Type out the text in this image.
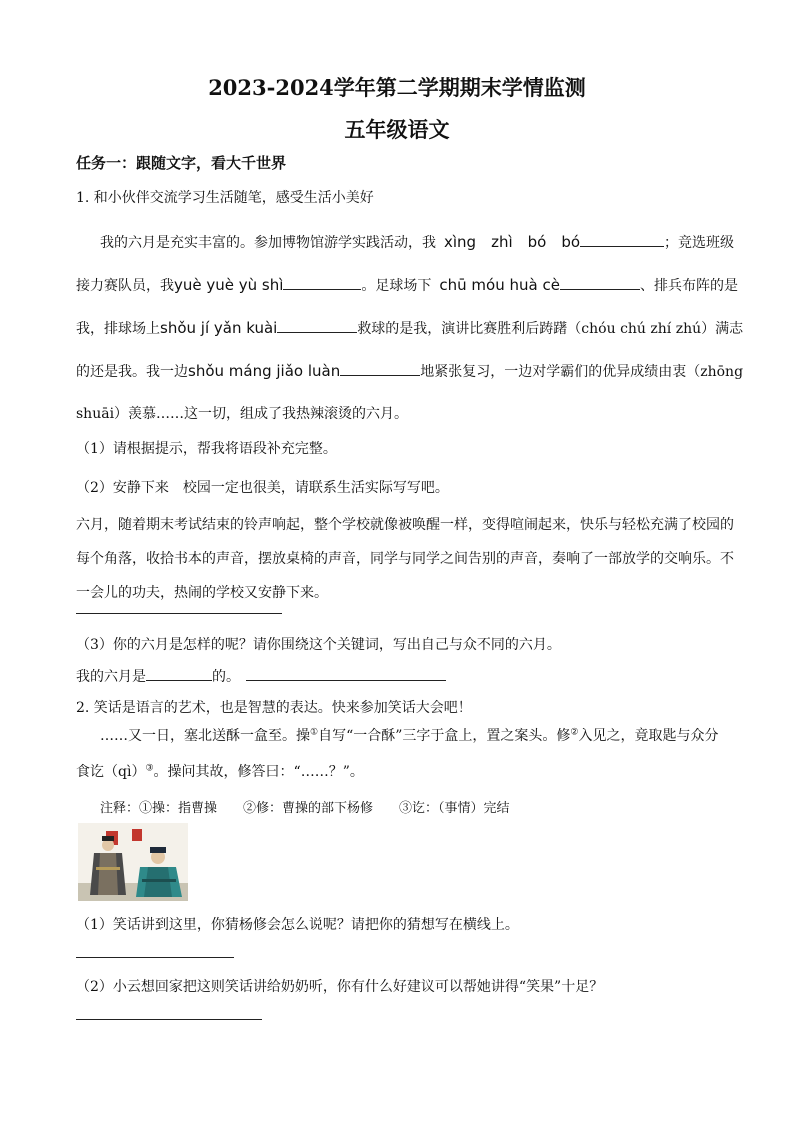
2023-2024学年第二学期期末学情监测
五年级语文
任务一：跟随文字，看大千世界
1. 和小伙伴交流学习生活随笔，感受生活小美好
我的六月是充实丰富的。参加博物馆游学实践活动，我 xìng　zhì　bó　bó	；竞选班级
接力赛队员，我yuè yuè yù shì	。足球场下 chū móu huà cè	、排兵布阵的是
我，排球场上shǒu jí yǎn kuài	救球的是我，演讲比赛胜利后踌躇（chóu chú zhí zhú）满志
的还是我。我一边shǒu máng jiǎo luàn	地紧张复习，一边对学霸们的优异成绩由衷（zhōng
shuāi）羡慕……这一切，组成了我热辣滚烫的六月。
（1）请根据提示，帮我将语段补充完整。
（2）安静下来　校园一定也很美，请联系生活实际写写吧。
六月，随着期末考试结束的铃声响起，整个学校就像被唤醒一样，变得喧闹起来，快乐与轻松充满了校园的
每个角落，收拾书本的声音，摆放桌椅的声音，同学与同学之间告别的声音，奏响了一部放学的交响乐。不
一会儿的功夫，热闹的学校又安静下来。
（3）你的六月是怎样的呢？请你围绕这个关键词，写出自己与众不同的六月。
我的六月是	的。
2. 笑话是语言的艺术，也是智慧的表达。快来参加笑话大会吧！
……又一日，塞北送酥一盒至。操①自写“一合酥”三字于盒上，置之案头。修②入见之，竟取匙与众分
食讫（qì）③。操问其故，修答曰：“……？”。
注释：①操：指曹操　　②修：曹操的部下杨修　　③讫：（事情）完结
（1）笑话讲到这里，你猜杨修会怎么说呢？请把你的猜想写在横线上。
（2）小云想回家把这则笑话讲给奶奶听，你有什么好建议可以帮她讲得“笑果”十足？
